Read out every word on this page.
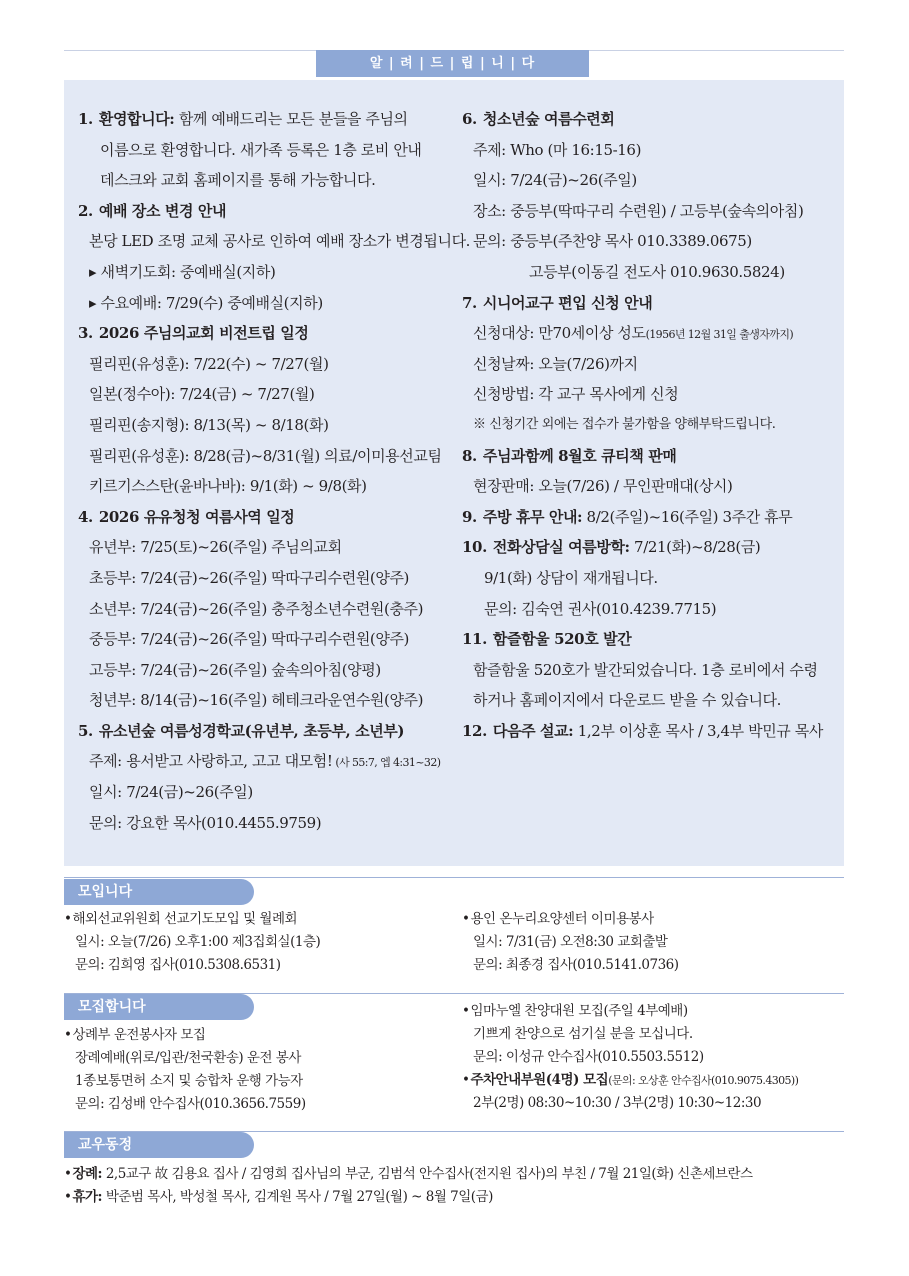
알 | 려 | 드 | 립 | 니 | 다
1. 환영합니다: 함께 예배드리는 모든 분들을 주님의
이름으로 환영합니다. 새가족 등록은 1층 로비 안내
데스크와 교회 홈페이지를 통해 가능합니다.
2. 예배 장소 변경 안내
본당 LED 조명 교체 공사로 인하여 예배 장소가 변경됩니다.
▸ 새벽기도회: 중예배실(지하)
▸ 수요예배: 7/29(수) 중예배실(지하)
3. 2026 주님의교회 비전트립 일정
필리핀(유성훈): 7/22(수) ~ 7/27(월)
일본(정수아): 7/24(금) ~ 7/27(월)
필리핀(송지형): 8/13(목) ~ 8/18(화)
필리핀(유성훈): 8/28(금)~8/31(월) 의료/이미용선교팀
키르기스스탄(윤바나바): 9/1(화) ~ 9/8(화)
4. 2026 유유청청 여름사역 일정
유년부: 7/25(토)~26(주일) 주님의교회
초등부: 7/24(금)~26(주일) 딱따구리수련원(양주)
소년부: 7/24(금)~26(주일) 충주청소년수련원(충주)
중등부: 7/24(금)~26(주일) 딱따구리수련원(양주)
고등부: 7/24(금)~26(주일) 숲속의아침(양평)
청년부: 8/14(금)~16(주일) 헤테크라운연수원(양주)
5. 유소년숲 여름성경학교(유년부, 초등부, 소년부)
주제: 용서받고 사랑하고, 고고 대모험! (사 55:7, 엡 4:31~32)
일시: 7/24(금)~26(주일)
문의: 강요한 목사(010.4455.9759)
6. 청소년숲 여름수련회
주제: Who (마 16:15-16)
일시: 7/24(금)~26(주일)
장소: 중등부(딱따구리 수련원) / 고등부(숲속의아침)
문의: 중등부(주찬양 목사 010.3389.0675)
고등부(이동길 전도사 010.9630.5824)
7. 시니어교구 편입 신청 안내
신청대상: 만70세이상 성도(1956년 12월 31일 출생자까지)
신청날짜: 오늘(7/26)까지
신청방법: 각 교구 목사에게 신청
※ 신청기간 외에는 접수가 불가함을 양해부탁드립니다.
8. 주님과함께 8월호 큐티책 판매
현장판매: 오늘(7/26) / 무인판매대(상시)
9. 주방 휴무 안내: 8/2(주일)~16(주일) 3주간 휴무
10. 전화상담실 여름방학: 7/21(화)~8/28(금)
9/1(화) 상담이 재개됩니다.
문의: 김숙연 권사(010.4239.7715)
11. 함즐함울 520호 발간
함즐함울 520호가 발간되었습니다. 1층 로비에서 수령
하거나 홈페이지에서 다운로드 받을 수 있습니다.
12. 다음주 설교: 1,2부 이상훈 목사 / 3,4부 박민규 목사
모입니다
• 해외선교위원회 선교기도모입 및 월례회
일시: 오늘(7/26) 오후1:00 제3집회실(1층)
문의: 김희영 집사(010.5308.6531)
• 용인 온누리요양센터 이미용봉사
일시: 7/31(금) 오전8:30 교회출발
문의: 최종경 집사(010.5141.0736)
모집합니다
• 상례부 운전봉사자 모집
장례예배(위로/입관/천국환송) 운전 봉사
1종보통면허 소지 및 승합차 운행 가능자
문의: 김성배 안수집사(010.3656.7559)
• 임마누엘 찬양대원 모집(주일 4부예배)
기쁘게 찬양으로 섬기실 분을 모십니다.
문의: 이성규 안수집사(010.5503.5512)
• 주차안내부원(4명) 모집(문의: 오상훈 안수집사(010.9075.4305))
2부(2명) 08:30~10:30 / 3부(2명) 10:30~12:30
교우동정
• 장례: 2,5교구 故 김용요 집사 / 김영희 집사님의 부군, 김범석 안수집사(전지원 집사)의 부친 / 7월 21일(화) 신촌세브란스
• 휴가: 박준범 목사, 박성철 목사, 김계원 목사 / 7월 27일(월) ~ 8월 7일(금)
